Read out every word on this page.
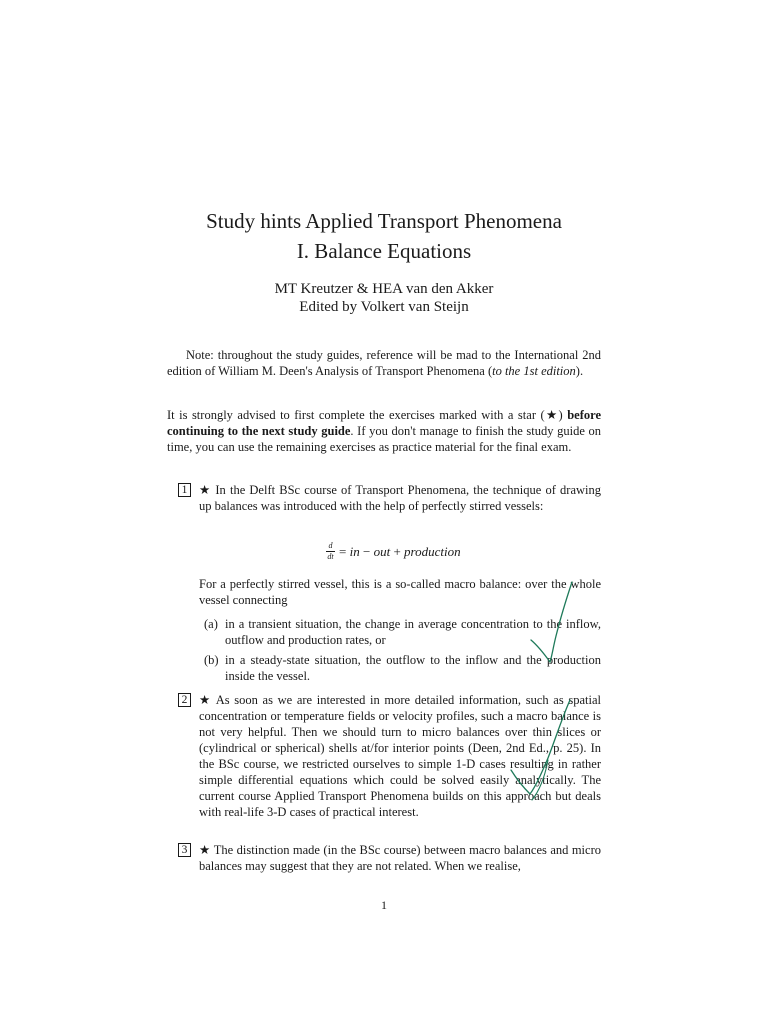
Study hints Applied Transport Phenomena
I. Balance Equations
MT Kreutzer & HEA van den Akker
Edited by Volkert van Steijn
Note: throughout the study guides, reference will be mad to the International 2nd edition of William M. Deen's Analysis of Transport Phenomena (to the 1st edition).
It is strongly advised to first complete the exercises marked with a star (★) before continuing to the next study guide. If you don't manage to finish the study guide on time, you can use the remaining exercises as practice material for the final exam.
1 ★ In the Delft BSc course of Transport Phenomena, the technique of drawing up balances was introduced with the help of perfectly stirred vessels:
$\frac{d}{dt}$ = in − out + production
For a perfectly stirred vessel, this is a so-called macro balance: over the whole vessel connecting
(a) in a transient situation, the change in average concentration to the inflow, outflow and production rates, or
(b) in a steady-state situation, the outflow to the inflow and the production inside the vessel.
2 ★ As soon as we are interested in more detailed information, such as spatial concentration or temperature fields or velocity profiles, such a macro balance is not very helpful. Then we should turn to micro balances over thin slices or (cylindrical or spherical) shells at/for interior points (Deen, 2nd Ed., p. 25). In the BSc course, we restricted ourselves to simple 1-D cases resulting in rather simple differential equations which could be solved easily analytically. The current course Applied Transport Phenomena builds on this approach but deals with real-life 3-D cases of practical interest.
3 ★ The distinction made (in the BSc course) between macro balances and micro balances may suggest that they are not related. When we realise,
1
